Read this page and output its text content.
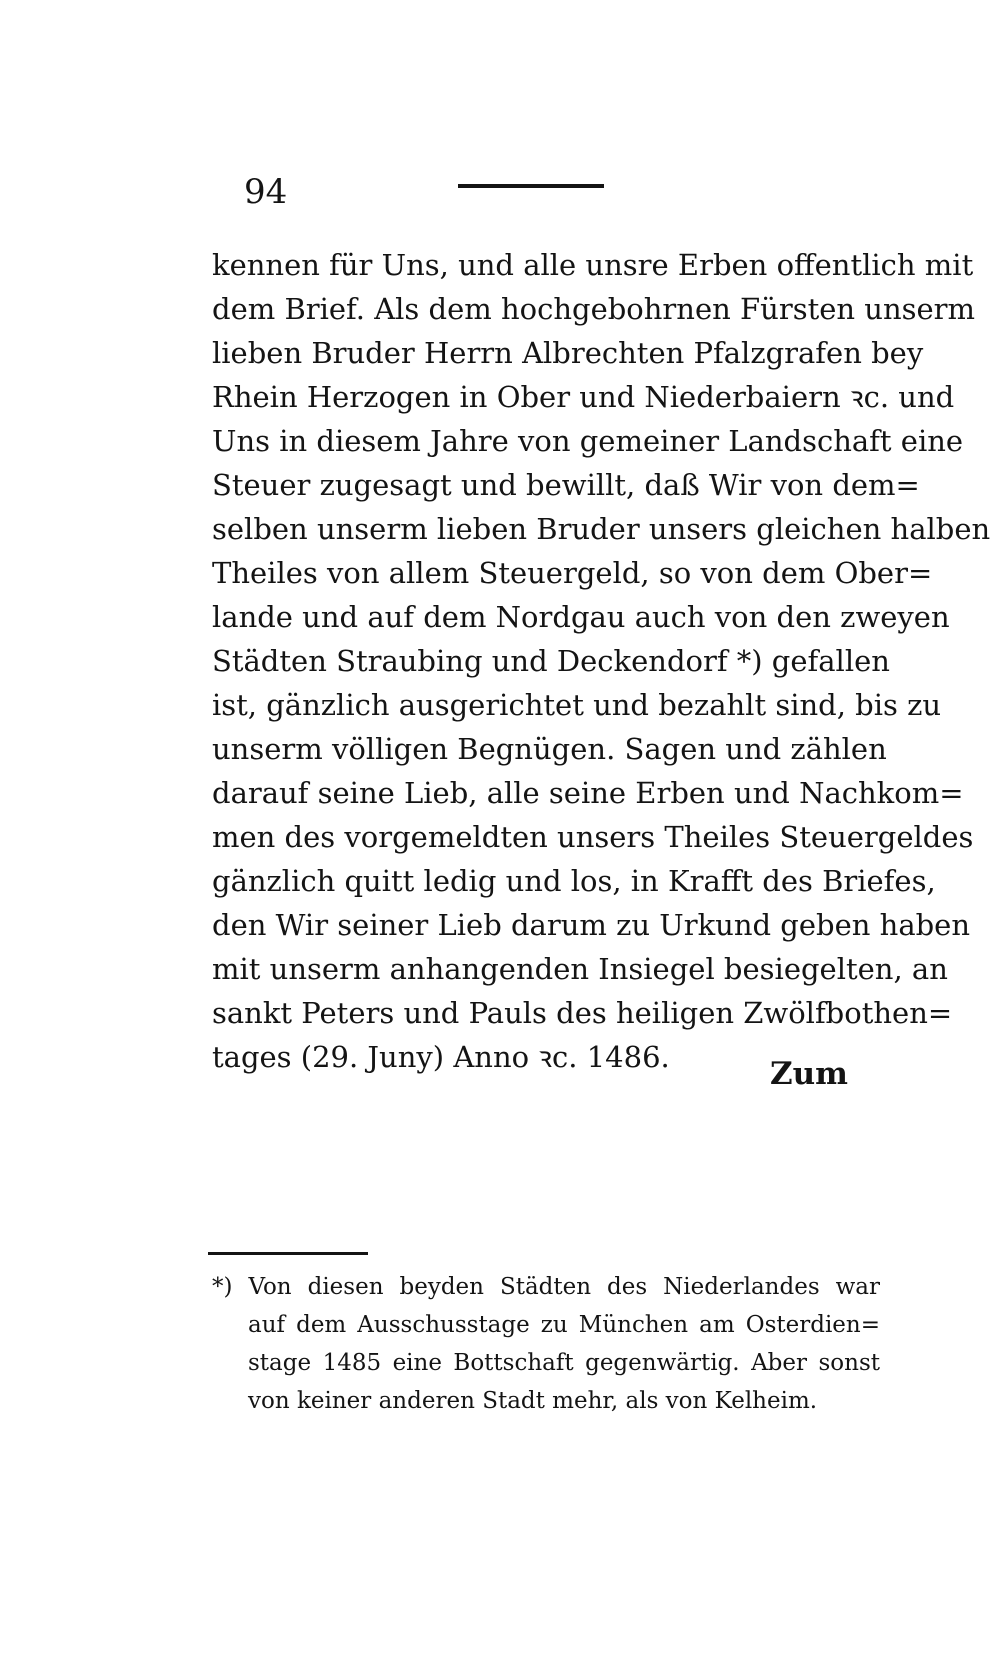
94
kennen für Uns, und alle unsre Erben offentlich mit
dem Brief. Als dem hochgebohrnen Fürsten unserm
lieben Bruder Herrn Albrechten Pfalzgrafen bey
Rhein Herzogen in Ober und Niederbaiern ꝛc. und
Uns in diesem Jahre von gemeiner Landschaft eine
Steuer zugesagt und bewillt, daß Wir von dem=
selben unserm lieben Bruder unsers gleichen halben
Theiles von allem Steuergeld, so von dem Ober=
lande und auf dem Nordgau auch von den zweyen
Städten Straubing und Deckendorf *) gefallen
ist, gänzlich ausgerichtet und bezahlt sind, bis zu
unserm völligen Begnügen. Sagen und zählen
darauf seine Lieb, alle seine Erben und Nachkom=
men des vorgemeldten unsers Theiles Steuergeldes
gänzlich quitt ledig und los, in Krafft des Briefes,
den Wir seiner Lieb darum zu Urkund geben haben
mit unserm anhangenden Insiegel besiegelten, an
sankt Peters und Pauls des heiligen Zwölfbothen=
tages (29. Juny) Anno ꝛc. 1486.	Zum
*) Von diesen beyden Städten des Niederlandes war
auf dem Ausschusstage zu München am Osterdien=
stage 1485 eine Bottschaft gegenwärtig. Aber sonst
von keiner anderen Stadt mehr, als von Kelheim.
